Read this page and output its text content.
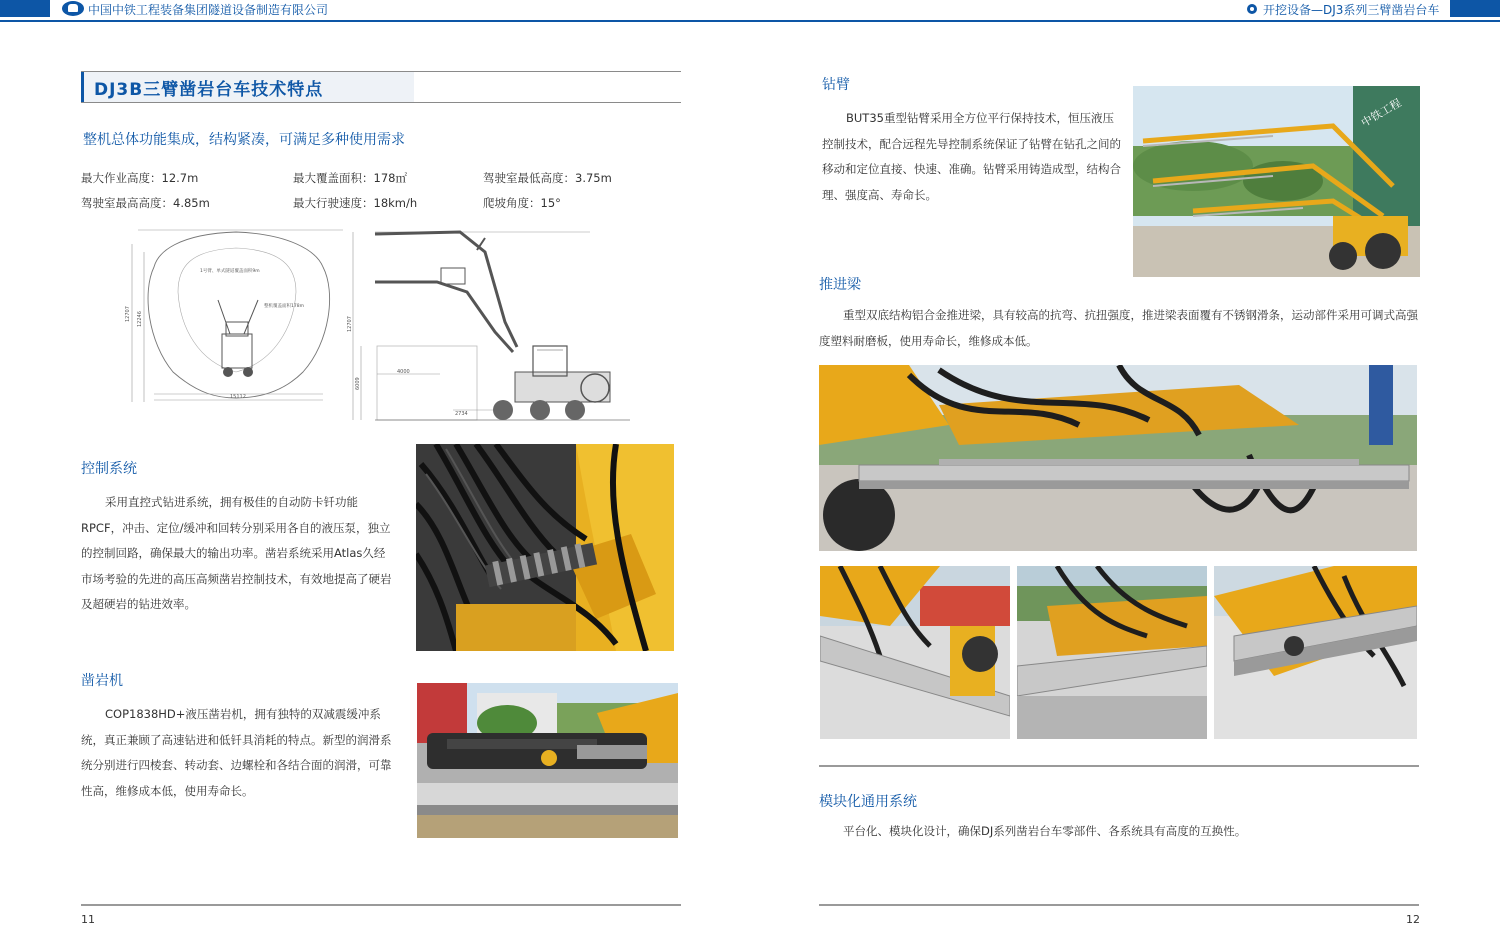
中国中铁工程装备集团隧道设备制造有限公司	开挖设备—DJ3系列三臂凿岩台车
DJ3B三臂凿岩台车技术特点
整机总体功能集成，结构紧凑，可满足多种使用需求
最大作业高度：12.7m	最大覆盖面积：178㎡	驾驶室最低高度：3.75m
驾驶室最高高度：4.85m	最大行驶速度：18km/h	爬坡角度：15°
1号臂、单式隧道覆盖面积9m
整机覆盖面积178m
15112
12707 12246	12707
6009
4000
2734
控制系统

采用直控式钻进系统，拥有极佳的自动防卡钎功能RPCF，冲击、定位/缓冲和回转分别采用各自的液压泵，独立的控制回路，确保最大的输出功率。凿岩系统采用Atlas久经市场考验的先进的高压高频凿岩控制技术，有效地提高了硬岩及超硬岩的钻进效率。

凿岩机

COP1838HD+液压凿岩机，拥有独特的双减震缓冲系统，真正兼顾了高速钻进和低钎具消耗的特点。新型的润滑系统分别进行四棱套、转动套、边螺栓和各结合面的润滑，可靠性高，维修成本低，使用寿命长。

11
钻臂

BUT35重型钻臂采用全方位平行保持技术，恒压液压控制技术，配合远程先导控制系统保证了钻臂在钻孔之间的移动和定位直接、快速、准确。钻臂采用铸造成型，结构合理、强度高、寿命长。

中铁工程
推进梁

重型双底结构铝合金推进梁，具有较高的抗弯、抗扭强度，推进梁表面覆有不锈钢滑条，运动部件采用可调式高强度塑料耐磨板，使用寿命长，维修成本低。

模块化通用系统

平台化、模块化设计，确保DJ系列凿岩台车零部件、各系统具有高度的互换性。

12
